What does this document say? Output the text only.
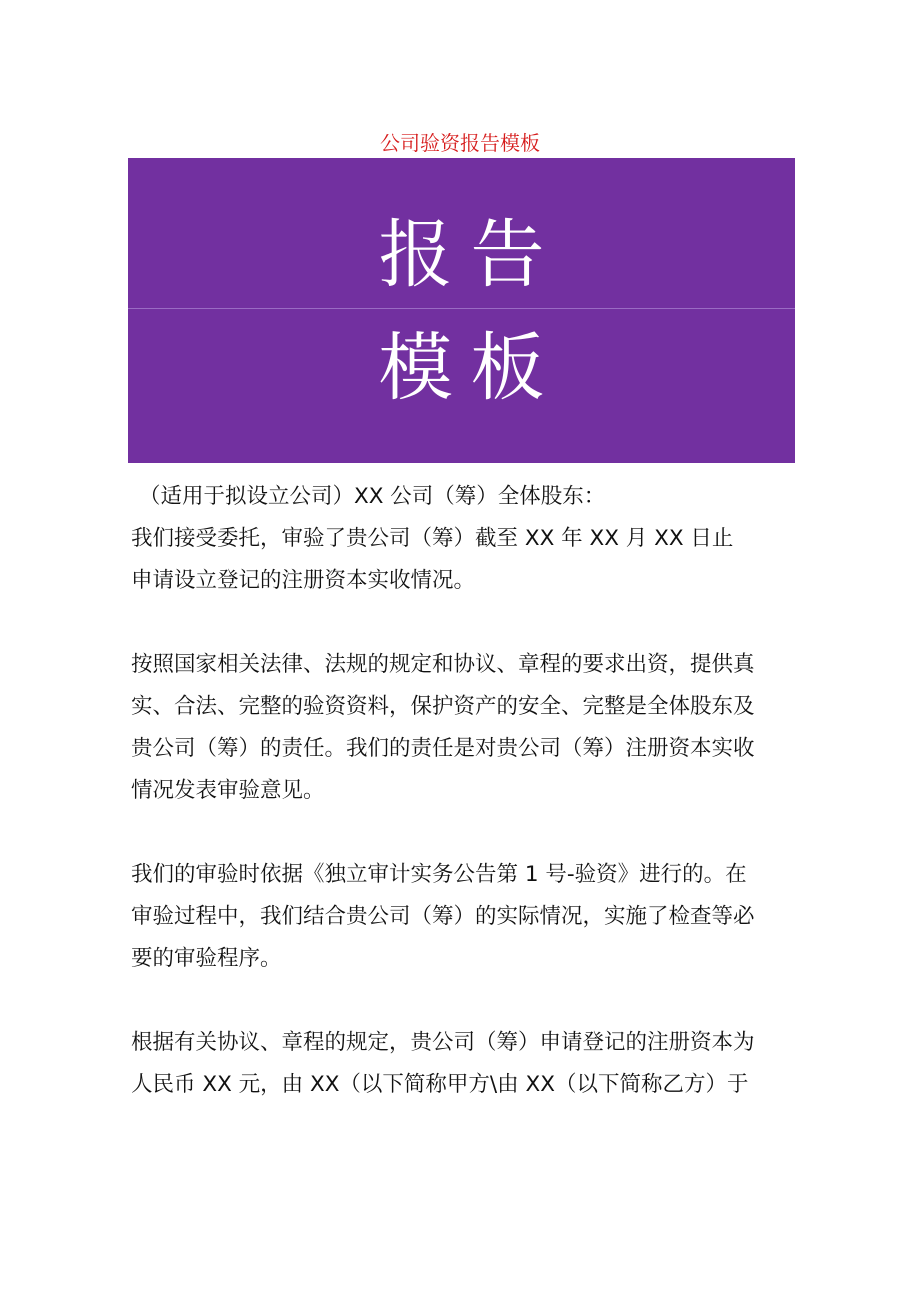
公司验资报告模板
报告
模板

（适用于拟设立公司）XX 公司（筹）全体股东：

我们接受委托，审验了贵公司（筹）截至 XX 年 XX 月 XX 日止

申请设立登记的注册资本实收情况。

按照国家相关法律、法规的规定和协议、章程的要求出资，提供真

实、合法、完整的验资资料，保护资产的安全、完整是全体股东及

贵公司（筹）的责任。我们的责任是对贵公司（筹）注册资本实收

情况发表审验意见。

我们的审验时依据《独立审计实务公告第 1 号-验资》进行的。在

审验过程中，我们结合贵公司（筹）的实际情况，实施了检查等必

要的审验程序。

根据有关协议、章程的规定，贵公司（筹）申请登记的注册资本为

人民币 XX 元，由 XX（以下简称甲方\由 XX（以下简称乙方）于
